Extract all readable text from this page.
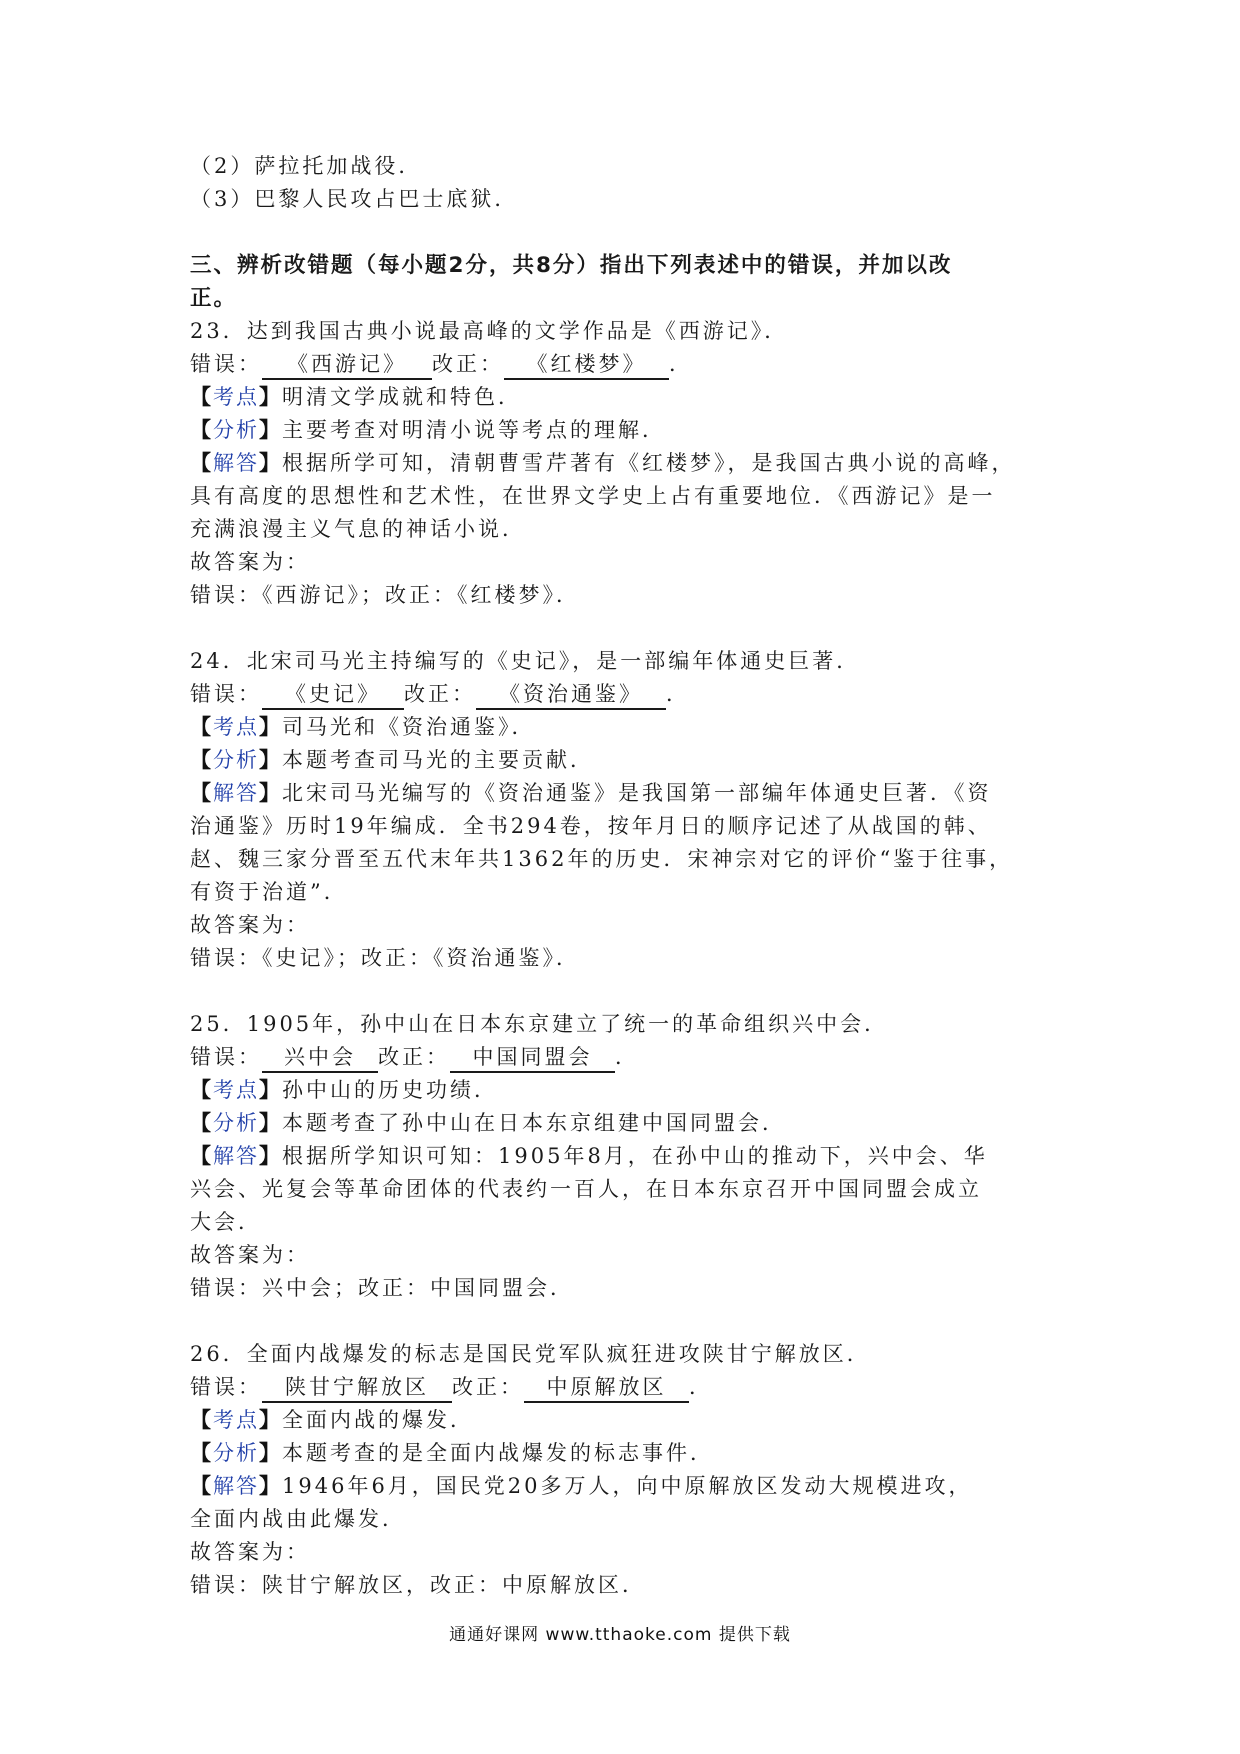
（2）萨拉托加战役．
（3）巴黎人民攻占巴士底狱．
三、辨析改错题（每小题2分，共8分）指出下列表述中的错误，并加以改
正。
23．达到我国古典小说最高峰的文学作品是《西游记》．
错误： 《西游记》 改正： 《红楼梦》 ．
【考点】明清文学成就和特色．
【分析】主要考查对明清小说等考点的理解．
【解答】根据所学可知，清朝曹雪芹著有《红楼梦》，是我国古典小说的高峰，
具有高度的思想性和艺术性，在世界文学史上占有重要地位．《西游记》是一
充满浪漫主义气息的神话小说．
故答案为：
错误：《西游记》；改正：《红楼梦》．
24．北宋司马光主持编写的《史记》，是一部编年体通史巨著．
错误： 《史记》 改正： 《资治通鉴》 ．
【考点】司马光和《资治通鉴》．
【分析】本题考查司马光的主要贡献．
【解答】北宋司马光编写的《资治通鉴》是我国第一部编年体通史巨著．《资
治通鉴》历时19年编成．全书294卷，按年月日的顺序记述了从战国的韩、
赵、魏三家分晋至五代末年共1362年的历史．宋神宗对它的评价“鉴于往事，
有资于治道”．
故答案为：
错误：《史记》；改正：《资治通鉴》．
25．1905年，孙中山在日本东京建立了统一的革命组织兴中会．
错误： 兴中会 改正： 中国同盟会 ．
【考点】孙中山的历史功绩．
【分析】本题考查了孙中山在日本东京组建中国同盟会．
【解答】根据所学知识可知：1905年8月，在孙中山的推动下，兴中会、华
兴会、光复会等革命团体的代表约一百人，在日本东京召开中国同盟会成立
大会．
故答案为：
错误：兴中会；改正：中国同盟会．
26．全面内战爆发的标志是国民党军队疯狂进攻陕甘宁解放区．
错误： 陕甘宁解放区 改正： 中原解放区 ．
【考点】全面内战的爆发．
【分析】本题考查的是全面内战爆发的标志事件．
【解答】1946年6月，国民党20多万人，向中原解放区发动大规模进攻，
全面内战由此爆发．
故答案为：
错误：陕甘宁解放区，改正：中原解放区．
通通好课网 www.tthaoke.com 提供下载
